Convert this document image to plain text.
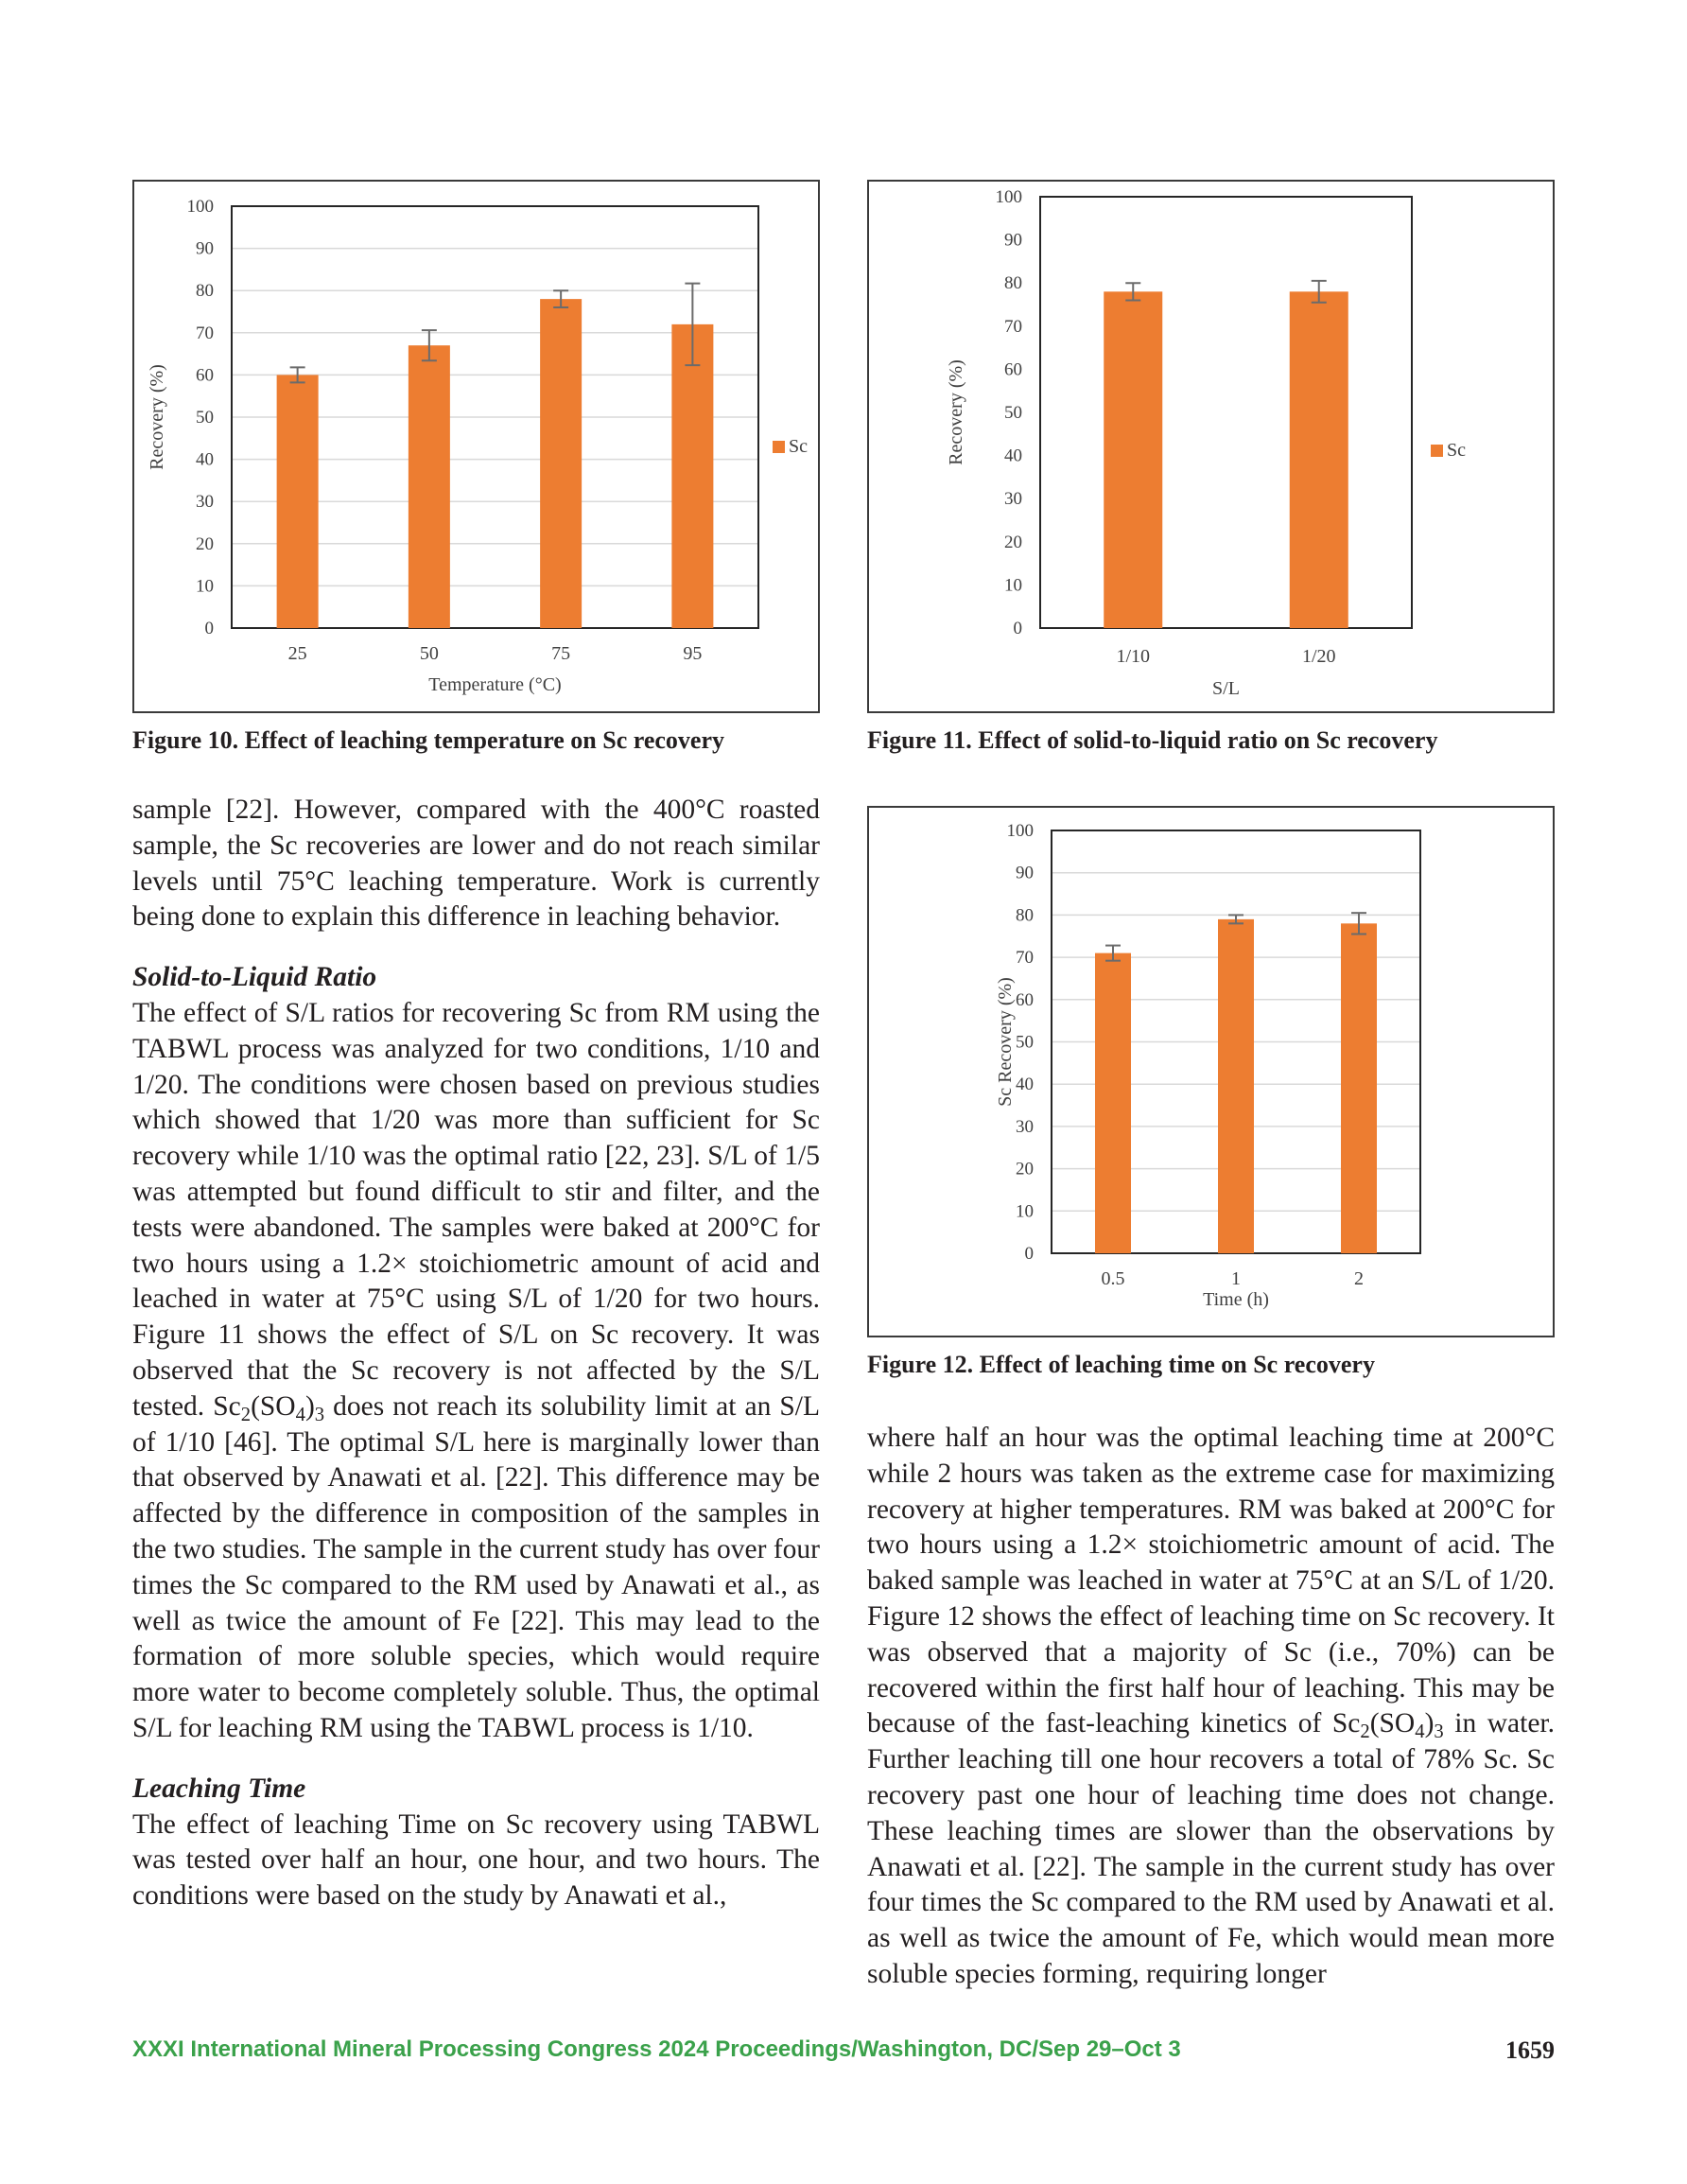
0
10
20
30
40
50
60
70
80
90
100
25	50	75	95
Temperature (°C)
Recovery (%)	Sc
Figure 10. Effect of leaching temperature on Sc recovery
0
10
20
30
40
50
60
70
80
90
100
1/10	1/20
S/L
Recovery (%)	Sc
Figure 11. Effect of solid-to-liquid ratio on Sc recovery
0
10
20
30
40
50
60
70
80
90
100
0.5	1	2
Time (h)
Sc Recovery (%)
Figure 12. Effect of leaching time on Sc recovery

sample [22]. However, compared with the 400°C roasted sample, the Sc recoveries are lower and do not reach similar levels until 75°C leaching temperature. Work is currently being done to explain this difference in leaching behavior.

Solid-to-Liquid Ratio

The effect of S/L ratios for recovering Sc from RM using the TABWL process was analyzed for two conditions, 1/10 and 1/20. The conditions were chosen based on previous studies which showed that 1/20 was more than sufficient for Sc recovery while 1/10 was the optimal ratio [22, 23]. S/L of 1/5 was attempted but found difficult to stir and filter, and the tests were abandoned. The samples were baked at 200°C for two hours using a 1.2× stoichiometric amount of acid and leached in water at 75°C using S/L of 1/20 for two hours. Figure 11 shows the effect of S/L on Sc recovery. It was observed that the Sc recovery is not affected by the S/L tested. $Sc_2(SO_4)_3$ does not reach its solubility limit at an S/L of 1/10 [46]. The optimal S/L here is marginally lower than that observed by Anawati et al. [22]. This difference may be affected by the difference in composition of the samples in the two studies. The sample in the current study has over four times the Sc compared to the RM used by Anawati et al., as well as twice the amount of Fe [22]. This may lead to the formation of more soluble species, which would require more water to become completely soluble. Thus, the optimal S/L for leaching RM using the TABWL process is 1/10.

Leaching Time

The effect of leaching Time on Sc recovery using TABWL was tested over half an hour, one hour, and two hours. The conditions were based on the study by Anawati et al.,

where half an hour was the optimal leaching time at 200°C while 2 hours was taken as the extreme case for maximizing recovery at higher temperatures. RM was baked at 200°C for two hours using a 1.2× stoichiometric amount of acid. The baked sample was leached in water at 75°C at an S/L of 1/20. Figure 12 shows the effect of leaching time on Sc recovery. It was observed that a majority of Sc (i.e., 70%) can be recovered within the first half hour of leaching. This may be because of the fast-leaching kinetics of $Sc_2(SO_4)_3$ in water. Further leaching till one hour recovers a total of 78% Sc. Sc recovery past one hour of leaching time does not change. These leaching times are slower than the observations by Anawati et al. [22]. The sample in the current study has over four times the Sc compared to the RM used by Anawati et al. as well as twice the amount of Fe, which would mean more soluble species forming, requiring longer

XXXI International Mineral Processing Congress 2024 Proceedings/Washington, DC/Sep 29–Oct 3	1659
